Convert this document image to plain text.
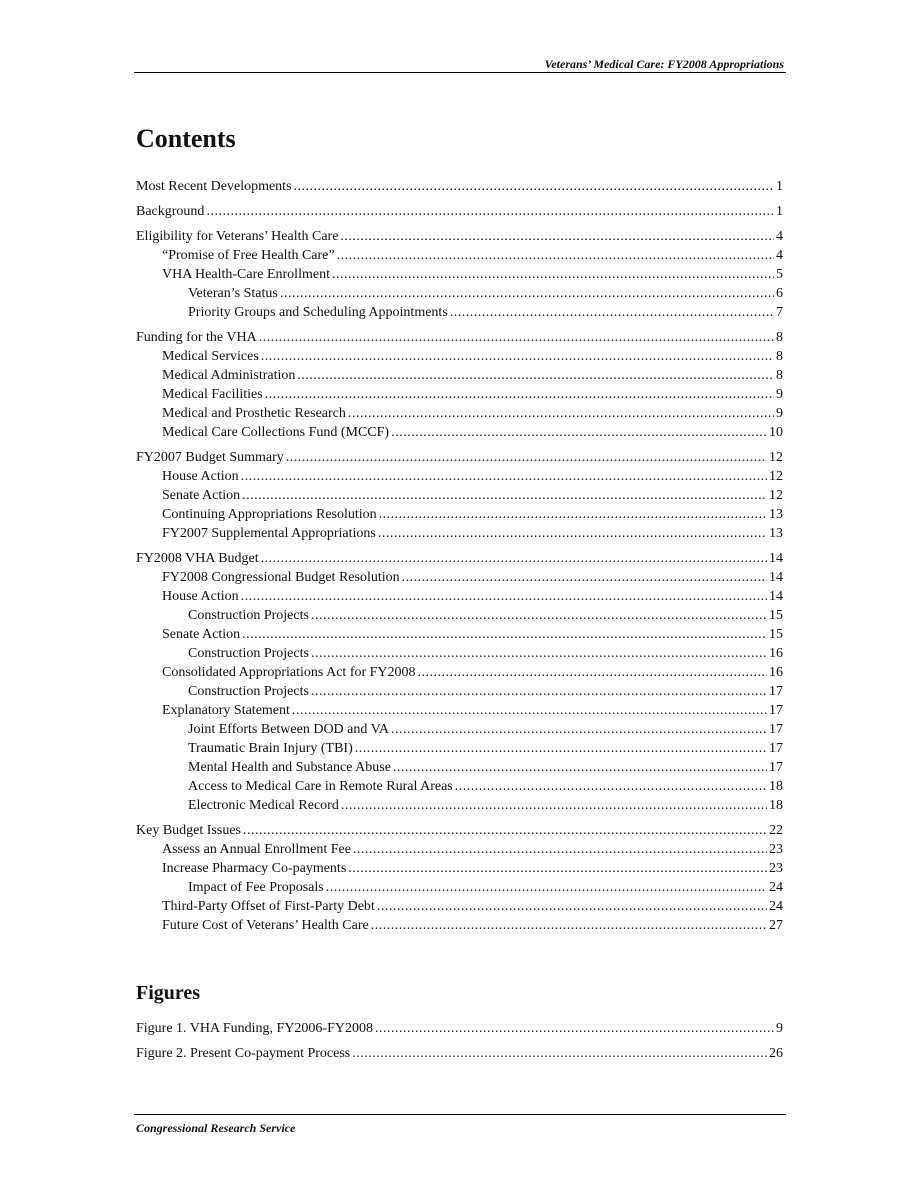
Veterans’ Medical Care: FY2008 Appropriations
Contents
Most Recent Developments .....	1
Background .....	1
Eligibility for Veterans’ Health Care .....	4
“Promise of Free Health Care” .....	4
VHA Health-Care Enrollment .....	5
Veteran’s Status .....	6
Priority Groups and Scheduling Appointments .....	7
Funding for the VHA .....	8
Medical Services .....	8
Medical Administration .....	8
Medical Facilities .....	9
Medical and Prosthetic Research .....	9
Medical Care Collections Fund (MCCF) .....	10
FY2007 Budget Summary .....	12
House Action .....	12
Senate Action .....	12
Continuing Appropriations Resolution .....	13
FY2007 Supplemental Appropriations .....	13
FY2008 VHA Budget .....	14
FY2008 Congressional Budget Resolution .....	14
House Action .....	14
Construction Projects .....	15
Senate Action .....	15
Construction Projects .....	16
Consolidated Appropriations Act for FY2008 .....	16
Construction Projects .....	17
Explanatory Statement .....	17
Joint Efforts Between DOD and VA .....	17
Traumatic Brain Injury (TBI) .....	17
Mental Health and Substance Abuse .....	17
Access to Medical Care in Remote Rural Areas .....	18
Electronic Medical Record .....	18
Key Budget Issues .....	22
Assess an Annual Enrollment Fee .....	23
Increase Pharmacy Co-payments .....	23
Impact of Fee Proposals .....	24
Third-Party Offset of First-Party Debt .....	24
Future Cost of Veterans’ Health Care .....	27
Figures
Figure 1. VHA Funding, FY2006-FY2008 .....	9
Figure 2. Present Co-payment Process .....	26
Congressional Research Service
